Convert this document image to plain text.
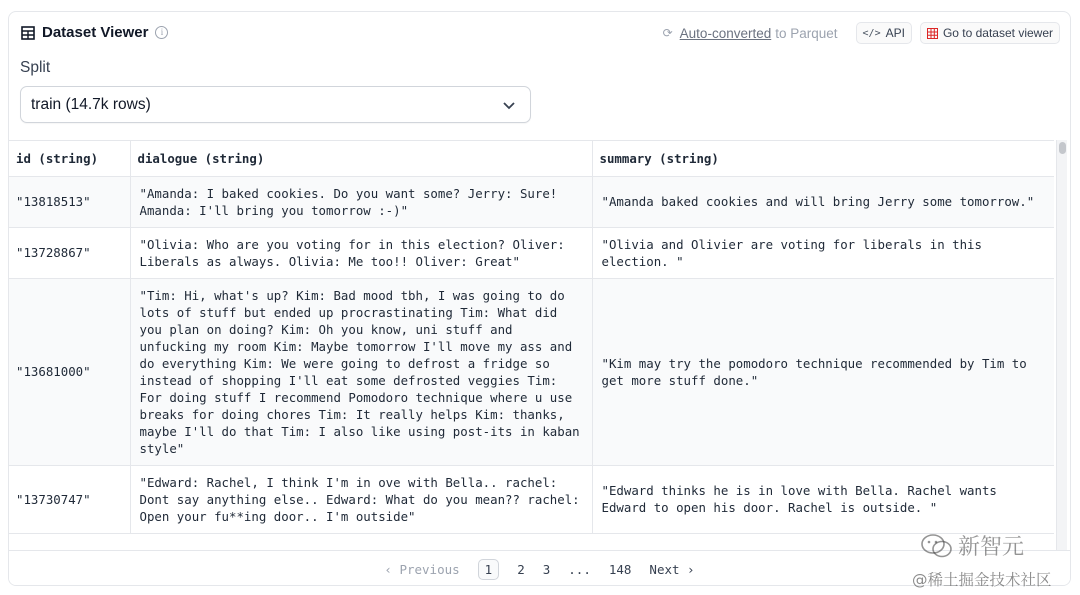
Dataset Viewer	i	⟳ Auto-converted to Parquet	</> API	Go to dataset viewer
Split
train (14.7k rows)
id (string)	dialogue (string)	summary (string)
"13818513"	"Amanda: I baked cookies. Do you want some? Jerry: Sure! Amanda: I'll bring you tomorrow :-)"	"Amanda baked cookies and will bring Jerry some tomorrow."
"13728867"	"Olivia: Who are you voting for in this election? Oliver: Liberals as always. Olivia: Me too!! Oliver: Great"	"Olivia and Olivier are voting for liberals in this election. "
"13681000"	"Tim: Hi, what's up? Kim: Bad mood tbh, I was going to do lots of stuff but ended up procrastinating Tim: What did you plan on doing? Kim: Oh you know, uni stuff and unfucking my room Kim: Maybe tomorrow I'll move my ass and do everything Kim: We were going to defrost a fridge so instead of shopping I'll eat some defrosted veggies Tim: For doing stuff I recommend Pomodoro technique where u use breaks for doing chores Tim: It really helps Kim: thanks, maybe I'll do that Tim: I also like using post-its in kaban style"	"Kim may try the pomodoro technique recommended by Tim to get more stuff done."
"13730747"	"Edward: Rachel, I think I'm in ove with Bella.. rachel: Dont say anything else.. Edward: What do you mean?? rachel: Open your fu**ing door.. I'm outside"	"Edward thinks he is in love with Bella. Rachel wants Edward to open his door. Rachel is outside. "
‹ Previous	1	2 3 ... 148 Next ›
新智元
@稀土掘金技术社区
